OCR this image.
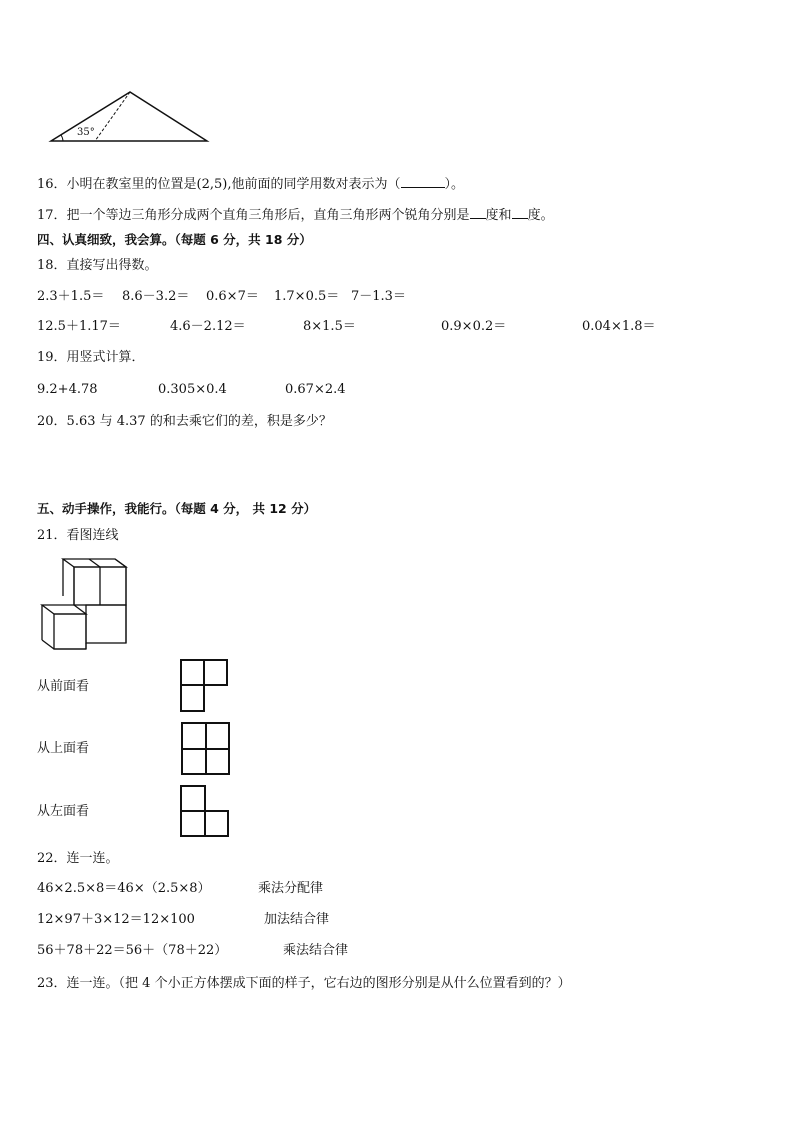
35°
16．小明在教室里的位置是(2,5),他前面的同学用数对表示为（	）。
17．把一个等边三角形分成两个直角三角形后，直角三角形两个锐角分别是 度和 度。
四、认真细致，我会算。（每题 6 分，共 18 分）
18．直接写出得数。
2.3＋1.5＝ 8.6－3.2＝ 0.6×7＝ 1.7×0.5＝ 7－1.3＝
12.5＋1.17＝	4.6－2.12＝	8×1.5＝	0.9×0.2＝	0.04×1.8＝
19．用竖式计算．
9.2+4.78	0.305×0.4	0.67×2.4
20．5.63 与 4.37 的和去乘它们的差，积是多少？
五、动手操作，我能行。（每题 4 分， 共 12 分）
21．看图连线
从前面看
从上面看
从左面看
22．连一连。
46×2.5×8＝46×（2.5×8）	乘法分配律
12×97＋3×12＝12×100	加法结合律
56＋78＋22＝56＋（78＋22）	乘法结合律
23．连一连。（把 4 个小正方体摆成下面的样子，它右边的图形分别是从什么位置看到的？）
